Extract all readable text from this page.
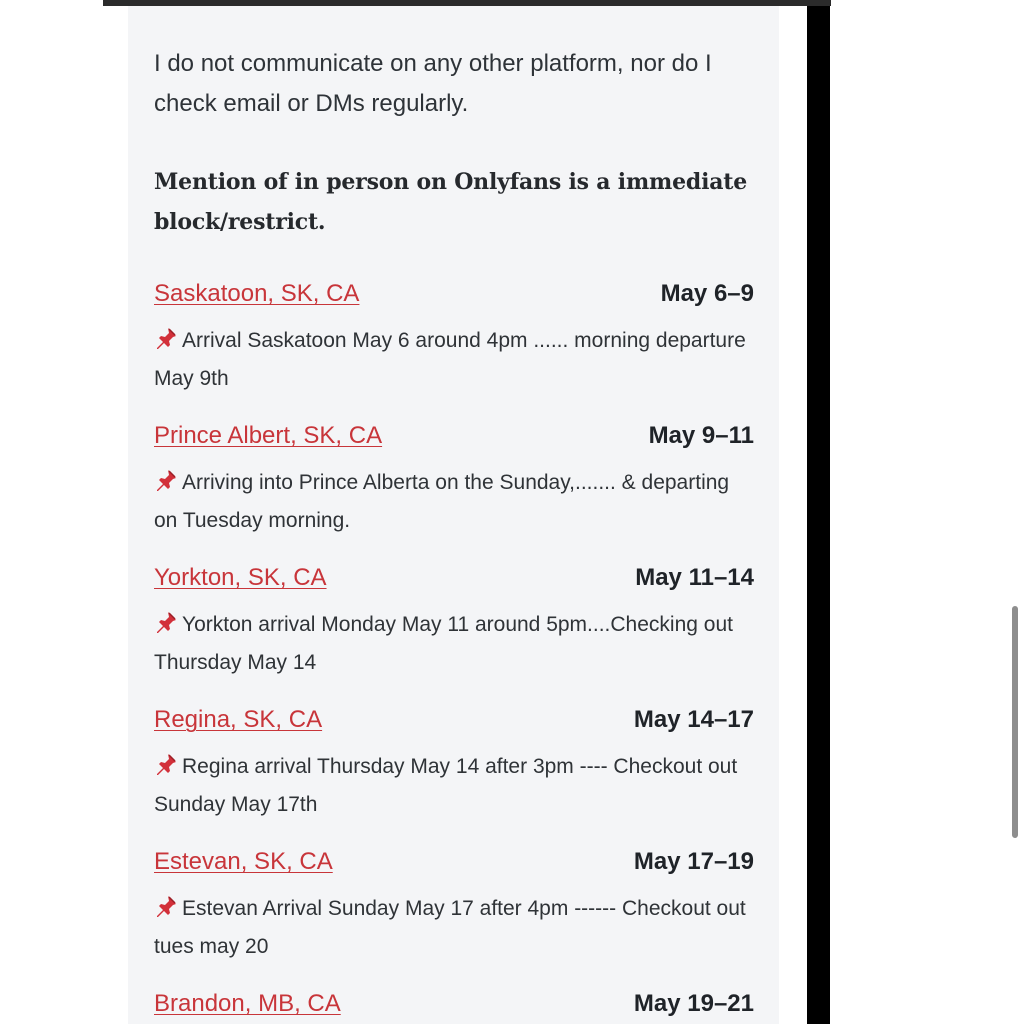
I do not communicate on any other platform, nor do I check email or DMs regularly.

Mention of in person on Onlyfans is a immediate block/restrict.

Saskatoon, SK, CA	May 6–9
Arrival Saskatoon May 6 around 4pm ...... morning departure May 9th
Prince Albert, SK, CA	May 9–11
Arriving into Prince Alberta on the Sunday,....... & departing on Tuesday morning.
Yorkton, SK, CA	May 11–14
Yorkton arrival Monday May 11 around 5pm....Checking out Thursday May 14
Regina, SK, CA	May 14–17
Regina arrival Thursday May 14 after 3pm ---- Checkout out Sunday May 17th
Estevan, SK, CA	May 17–19
Estevan Arrival Sunday May 17 after 4pm ------ Checkout out tues may 20
Brandon, MB, CA	May 19–21
